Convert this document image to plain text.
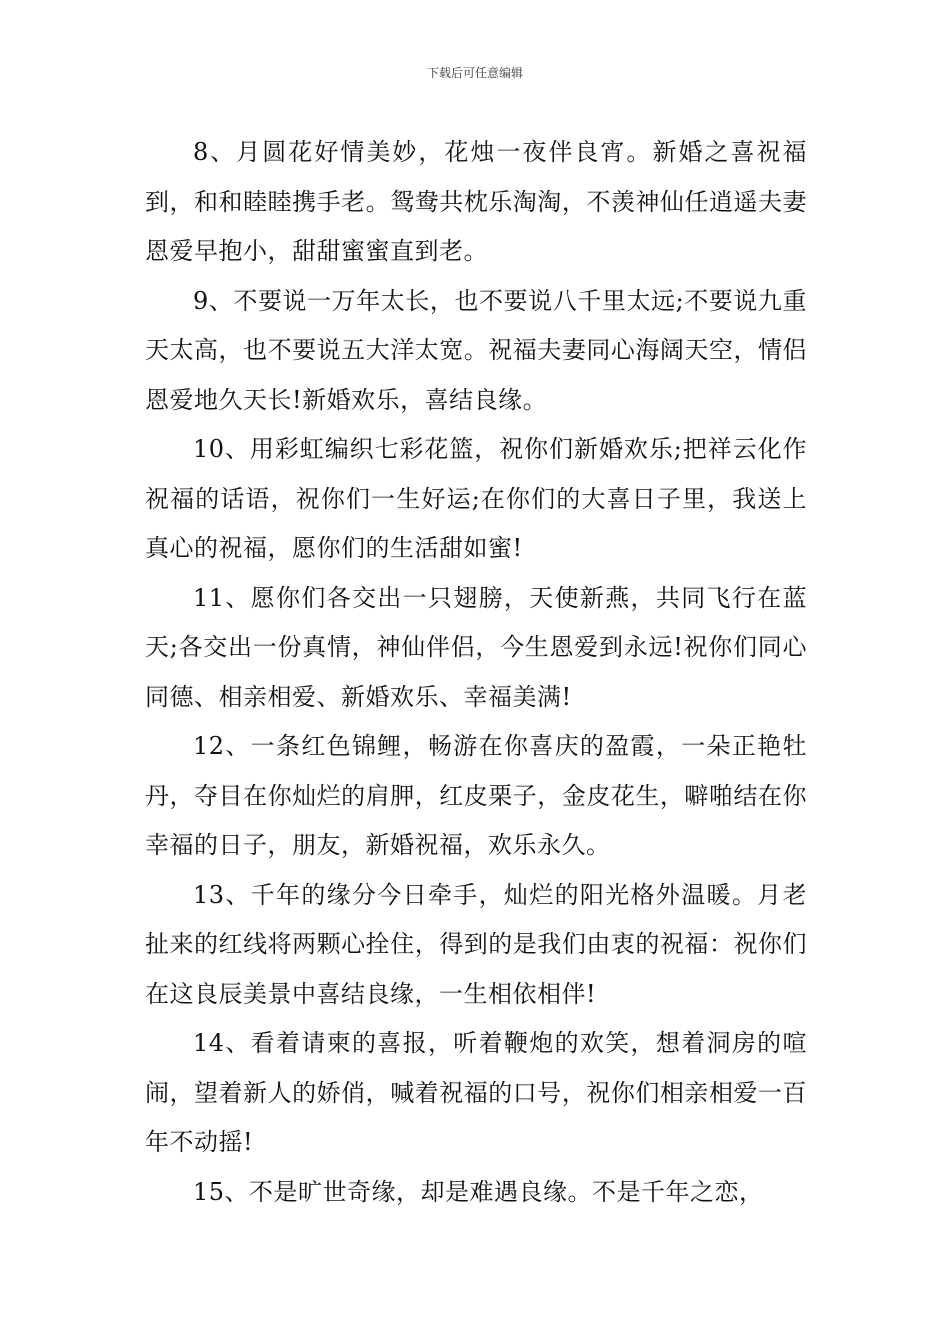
下载后可任意编辑

8、月圆花好情美妙，花烛一夜伴良宵。新婚之喜祝福到，和和睦睦携手老。鸳鸯共枕乐淘淘，不羡神仙任逍遥夫妻恩爱早抱小，甜甜蜜蜜直到老。

9、不要说一万年太长，也不要说八千里太远;不要说九重天太高，也不要说五大洋太宽。祝福夫妻同心海阔天空，情侣恩爱地久天长!新婚欢乐，喜结良缘。

10、用彩虹编织七彩花篮，祝你们新婚欢乐;把祥云化作祝福的话语，祝你们一生好运;在你们的大喜日子里，我送上真心的祝福，愿你们的生活甜如蜜!

11、愿你们各交出一只翅膀，天使新燕，共同飞行在蓝天;各交出一份真情，神仙伴侣，今生恩爱到永远!祝你们同心同德、相亲相爱、新婚欢乐、幸福美满!

12、一条红色锦鲤，畅游在你喜庆的盈霞，一朵正艳牡丹，夺目在你灿烂的肩胛，红皮栗子，金皮花生，噼啪结在你幸福的日子，朋友，新婚祝福，欢乐永久。

13、千年的缘分今日牵手，灿烂的阳光格外温暖。月老扯来的红线将两颗心拴住，得到的是我们由衷的祝福：祝你们在这良辰美景中喜结良缘，一生相依相伴!

14、看着请柬的喜报，听着鞭炮的欢笑，想着洞房的喧闹，望着新人的娇俏，喊着祝福的口号，祝你们相亲相爱一百年不动摇!

15、不是旷世奇缘，却是难遇良缘。不是千年之恋，
